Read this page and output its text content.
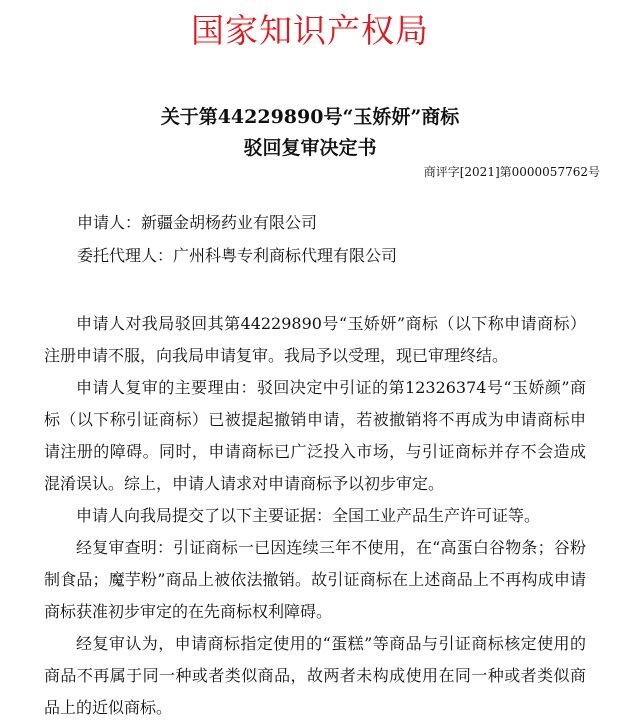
国家知识产权局
关于第44229890号“玉娇妍”商标
驳回复审决定书
商评字[2021]第0000057762号
申请人：新疆金胡杨药业有限公司
委托代理人：广州科粤专利商标代理有限公司

申请人对我局驳回其第44229890号“玉娇妍”商标（以下称申请商标）注册申请不服，向我局申请复审。我局予以受理，现已审理终结。

申请人复审的主要理由：驳回决定中引证的第12326374号“玉娇颜”商标（以下称引证商标）已被提起撤销申请，若被撤销将不再成为申请商标申请注册的障碍。同时，申请商标已广泛投入市场，与引证商标并存不会造成混淆误认。综上，申请人请求对申请商标予以初步审定。

申请人向我局提交了以下主要证据：全国工业产品生产许可证等。

经复审查明：引证商标一已因连续三年不使用，在“高蛋白谷物条；谷粉制食品；魔芋粉”商品上被依法撤销。故引证商标在上述商品上不再构成申请商标获准初步审定的在先商标权利障碍。

经复审认为，申请商标指定使用的“蛋糕”等商品与引证商标核定使用的商品不再属于同一种或者类似商品，故两者未构成使用在同一种或者类似商品上的近似商标。
